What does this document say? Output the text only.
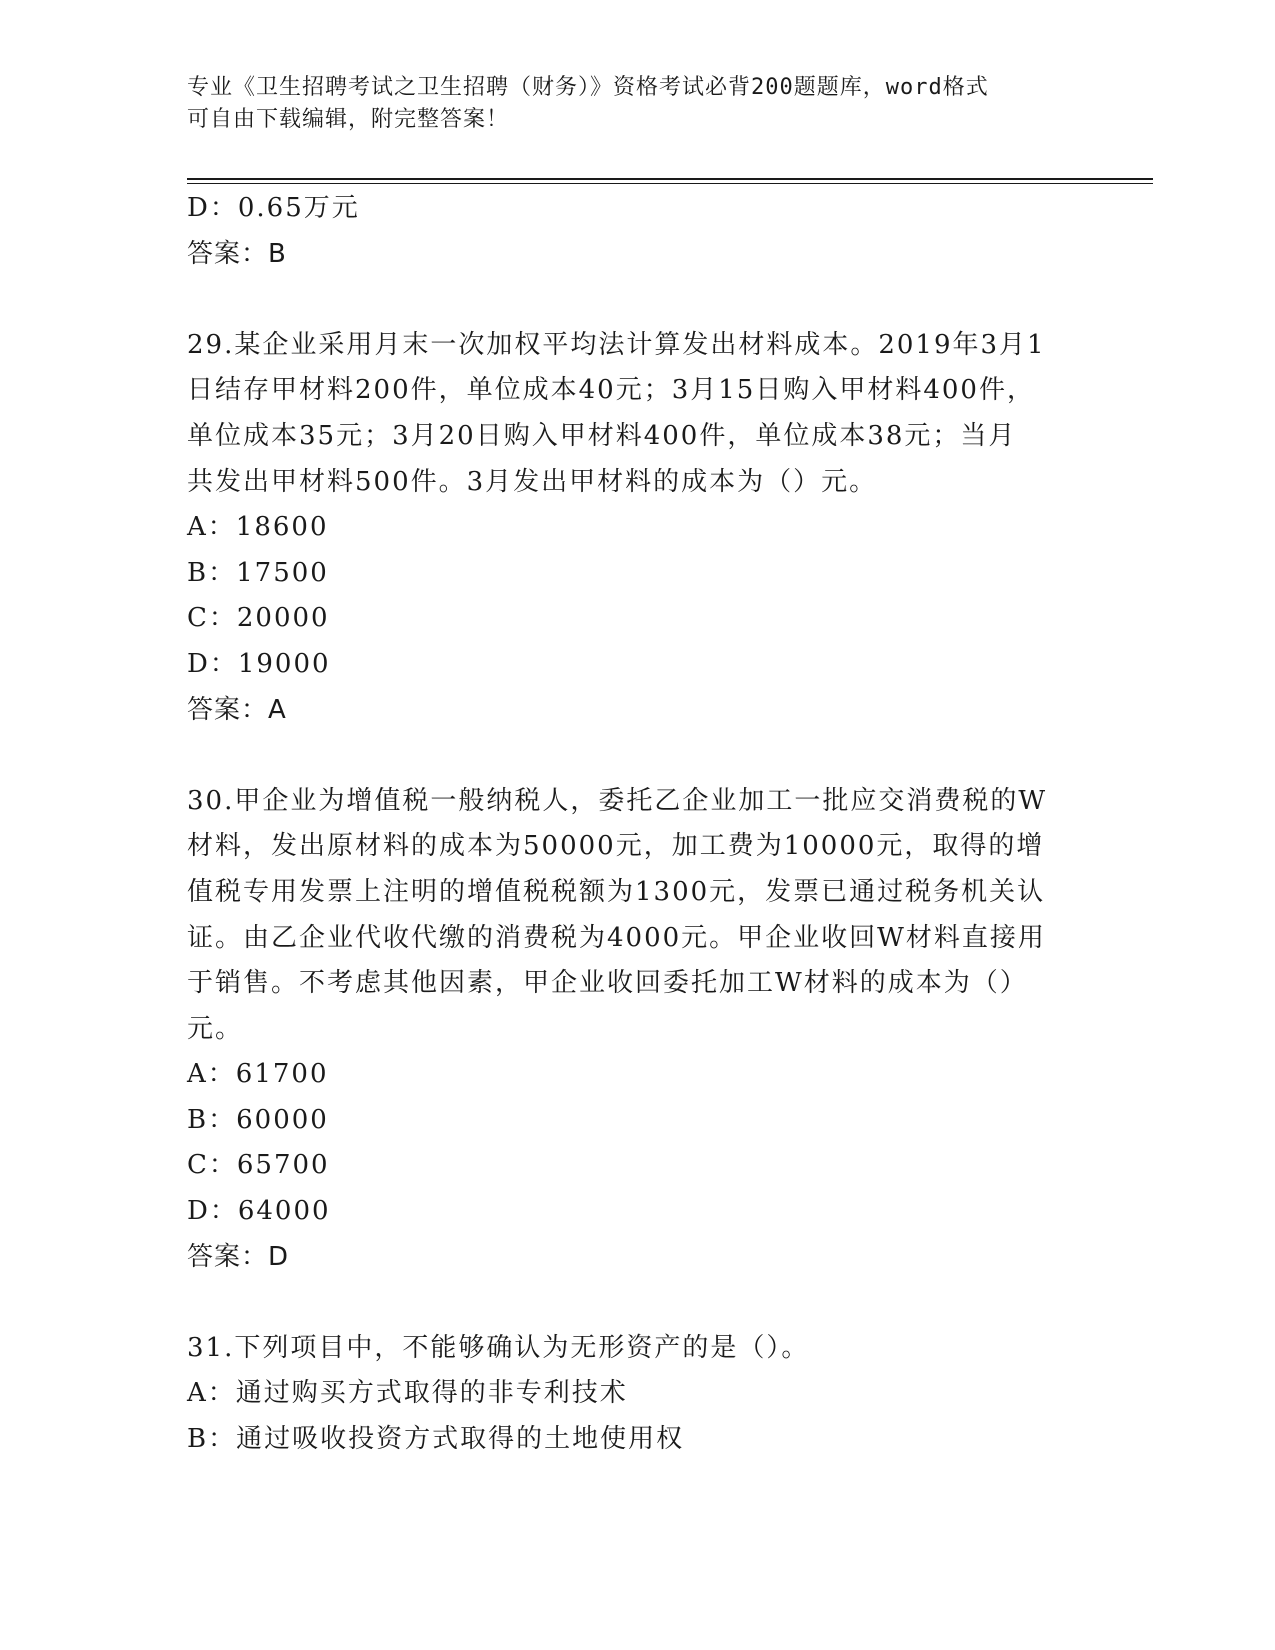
专业《卫生招聘考试之卫生招聘（财务）》资格考试必背200题题库，word格式
可自由下载编辑，附完整答案！
D：0.65万元
答案：B
29.某企业采用月末一次加权平均法计算发出材料成本。2019年3月1
日结存甲材料200件，单位成本40元；3月15日购入甲材料400件，
单位成本35元；3月20日购入甲材料400件，单位成本38元；当月
共发出甲材料500件。3月发出甲材料的成本为（）元。
A：18600
B：17500
C：20000
D：19000
答案：A
30.甲企业为增值税一般纳税人，委托乙企业加工一批应交消费税的W
材料，发出原材料的成本为50000元，加工费为10000元，取得的增
值税专用发票上注明的增值税税额为1300元，发票已通过税务机关认
证。由乙企业代收代缴的消费税为4000元。甲企业收回W材料直接用
于销售。不考虑其他因素，甲企业收回委托加工W材料的成本为（）
元。
A：61700
B：60000
C：65700
D：64000
答案：D
31.下列项目中，不能够确认为无形资产的是（）。
A：通过购买方式取得的非专利技术
B：通过吸收投资方式取得的土地使用权
